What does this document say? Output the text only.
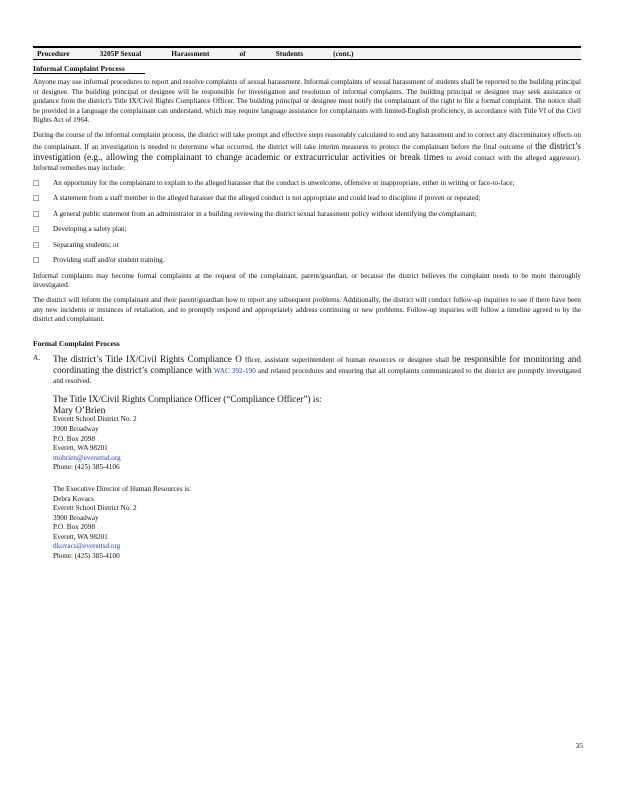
Procedure	3205P Sexual	Harassment	of	Students	(cont.)
Informal Complaint Process

Anyone may use informal procedures to report and resolve complaints of sexual harassment. Informal complaints of sexual harassment of students shall be reported to the building principal or designee. The building principal or designee will be responsible for investigation and resolution of informal complaints. The building principal or designee may seek assistance or guidance from the district's Title IX/Civil Rights Compliance Officer. The building principal or designee must notify the complainant of the right to file a formal complaint. The notice shall be provided in a language the complainant can understand, which may require language assistance for complainants with limited-English proficiency, in accordance with Title VI of the Civil Rights Act of 1964.

During the course of the informal complaint process, the district will take prompt and effective steps reasonably calculated to end any harassment and to correct any discriminatory effects on the complainant. If an investigation is needed to determine what occurred, the district will take interim measures to protect the complainant before the final outcome of the district’s investigation (e.g., allowing the complainant to change academic or extracurricular activities or break times to avoid contact with the alleged aggressor). Informal remedies may include:

□	An opportunity for the complainant to explain to the alleged harasser that the conduct is unwelcome, offensive or inappropriate, either in writing or face-to-face;
□	A statement from a staff member to the alleged harasser that the alleged conduct is not appropriate and could lead to discipline if proven or repeated;
□	A general public statement from an administrator in a building reviewing the district sexual harassment policy without identifying the complainant;
□	Developing a safety plan;
□	Separating students; or
□	Providing staff and/or student training.

Informal complaints may become formal complaints at the request of the complainant, parent/guardian, or because the district believes the complaint needs to be more thoroughly investigated.

The district will inform the complainant and their parent/guardian how to report any subsequent problems. Additionally, the district will conduct follow-up inquiries to see if there have been any new incidents or instances of retaliation, and to promptly respond and appropriately address continuing or new problems. Follow-up inquiries will follow a timeline agreed to by the district and complainant.

Formal Complaint Process
A.	The district’s Title IX/Civil Rights Compliance O fficer, assistant superintendent of human resources or designee shall be responsible for monitoring and coordinating the district’s compliance with WAC 392-190 and related procedures and ensuring that all complaints communicated to the district are promptly investigated and resolved.
The Title IX/Civil Rights Compliance Officer (“Compliance Officer”) is:
Mary O’Brien
Everett School District No. 2
3900 Broadway
P.O. Box 2098
Everett, WA 98201
mobrien@everettsd.org
Phone: (425) 385-4106
The Executive Director of Human Resources is:
Debra Kovacs
Everett School District No. 2
3900 Broadway
P.O. Box 2098
Everett, WA 98201
dkovacs@everettsd.org
Phone: (425) 385-4100
35
